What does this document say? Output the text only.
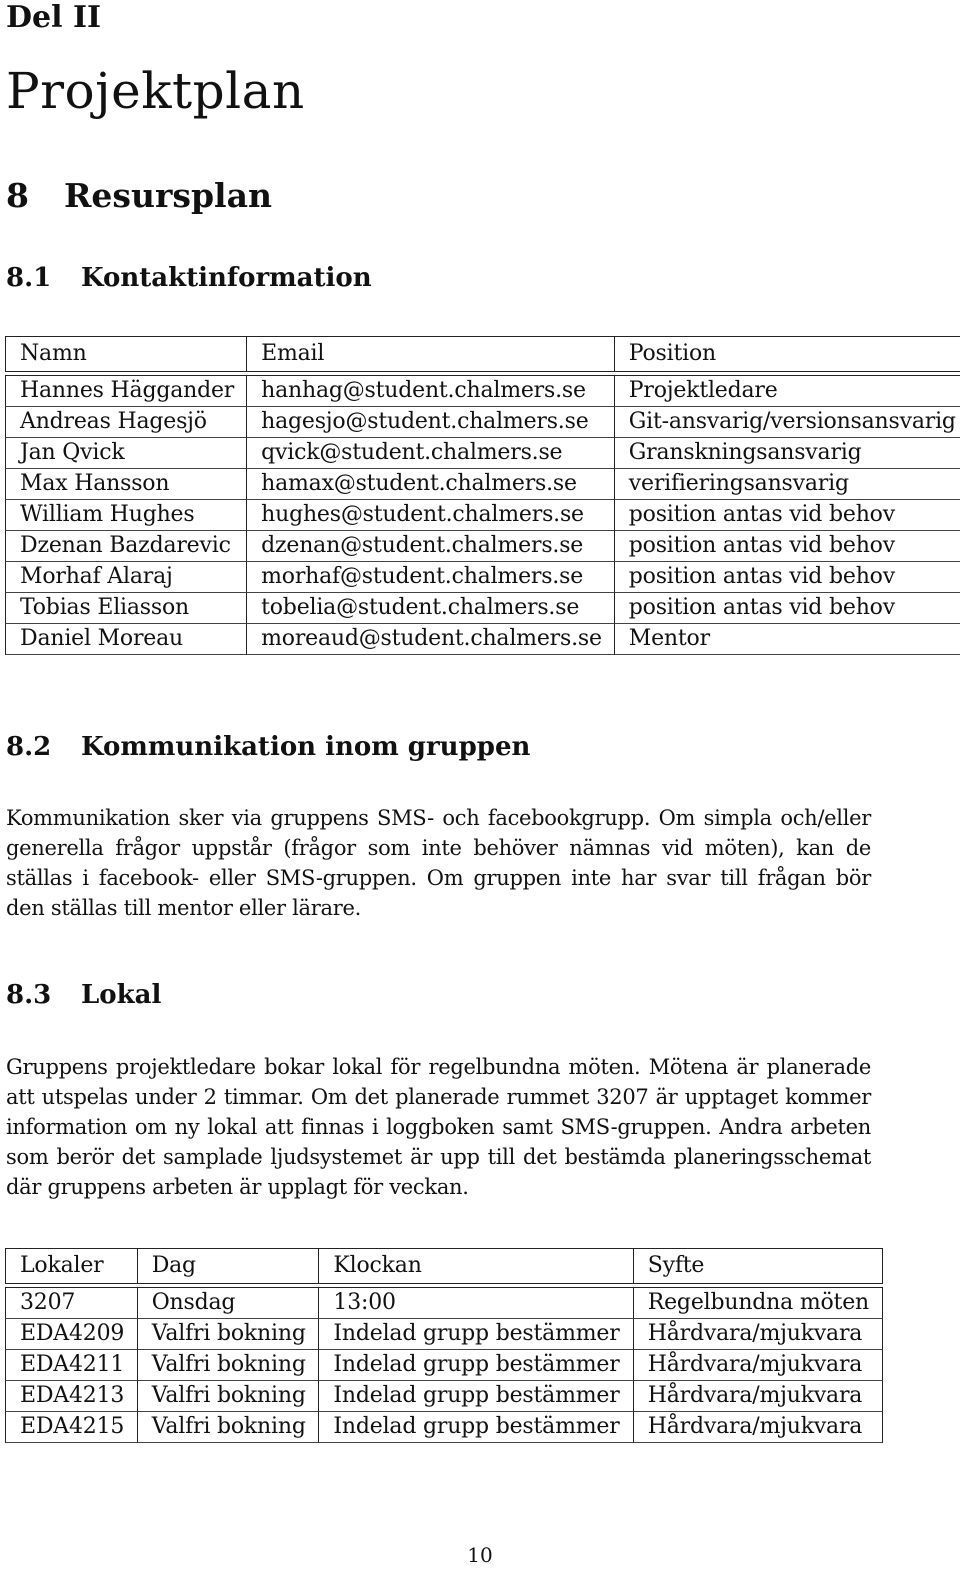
Del II
Projektplan
8 Resursplan
8.1 Kontaktinformation
Namn	Email	Position

Hannes Häggander	hanhag@student.chalmers.se	Projektledare
Andreas Hagesjö	hagesjo@student.chalmers.se	Git-ansvarig/versionsansvarig
Jan Qvick	qvick@student.chalmers.se	Granskningsansvarig
Max Hansson	hamax@student.chalmers.se	verifieringsansvarig
William Hughes	hughes@student.chalmers.se	position antas vid behov
Dzenan Bazdarevic	dzenan@student.chalmers.se	position antas vid behov
Morhaf Alaraj	morhaf@student.chalmers.se	position antas vid behov
Tobias Eliasson	tobelia@student.chalmers.se	position antas vid behov
Daniel Moreau	moreaud@student.chalmers.se	Mentor
8.2 Kommunikation inom gruppen

Kommunikation sker via gruppens SMS- och facebookgrupp. Om simpla och/eller generella frågor uppstår (frågor som inte behöver nämnas vid möten), kan de ställas i facebook- eller SMS-gruppen. Om gruppen inte har svar till frågan bör den ställas till mentor eller lärare.

8.3 Lokal

Gruppens projektledare bokar lokal för regelbundna möten. Mötena är planerade att utspelas under 2 timmar. Om det planerade rummet 3207 är upptaget kommer information om ny lokal att finnas i loggboken samt SMS-gruppen. Andra arbeten som berör det samplade ljudsystemet är upp till det bestämda planeringsschemat där gruppens arbeten är upplagt för veckan.

Lokaler	Dag	Klockan	Syfte

3207	Onsdag	13:00	Regelbundna möten
EDA4209	Valfri bokning	Indelad grupp bestämmer	Hårdvara/mjukvara
EDA4211	Valfri bokning	Indelad grupp bestämmer	Hårdvara/mjukvara
EDA4213	Valfri bokning	Indelad grupp bestämmer	Hårdvara/mjukvara
EDA4215	Valfri bokning	Indelad grupp bestämmer	Hårdvara/mjukvara
10
